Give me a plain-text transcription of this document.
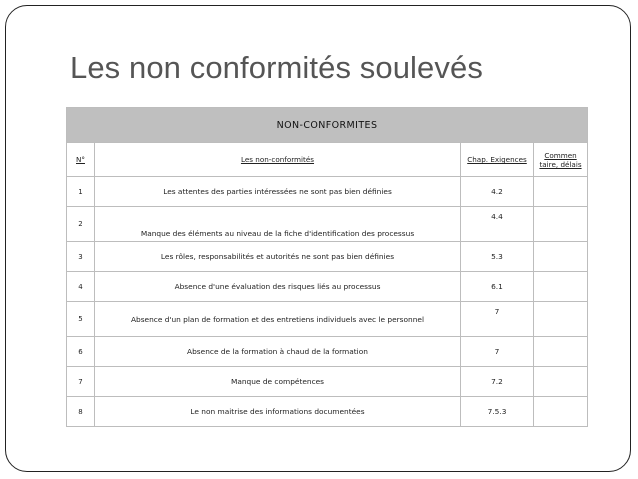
Les non conformités soulevés
NON-CONFORMITES			
N°	Les non-conformités	Chap. Exigences	Commen taire, délais
1	Les attentes des parties intéressées ne sont pas bien définies	4.2	
2	Manque des éléments au niveau de la fiche d'identification des processus	4.4	
3	Les rôles, responsabilités et autorités ne sont pas bien définies	5.3	
4	Absence d'une évaluation des risques liés au processus	6.1	
5	Absence d'un plan de formation et des entretiens individuels avec le personnel	7	
6	Absence de la formation à chaud de la formation	7	
7	Manque de compétences	7.2	
8	Le non maitrise des informations documentées	7.5.3	
